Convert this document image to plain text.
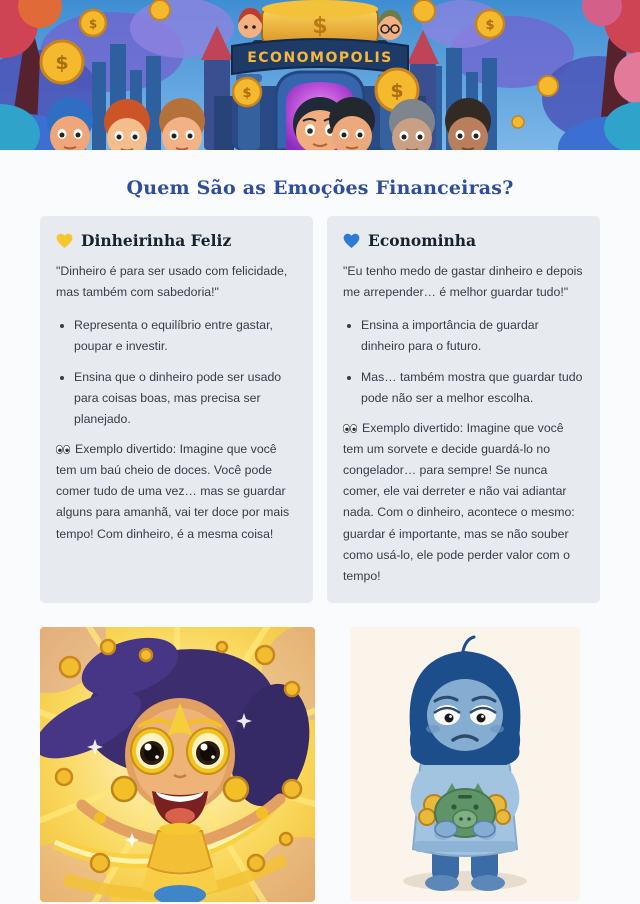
$
ECONOMOPOLIS
$
$
$	$
$
Quem São as Emoções Financeiras?
Dinheirinha Feliz

"Dinheiro é para ser usado com felicidade, mas também com sabedoria!"

• Representa o equilíbrio entre gastar, poupar e investir.
• Ensina que o dinheiro pode ser usado para coisas boas, mas precisa ser planejado.

Exemplo divertido: Imagine que você tem um baú cheio de doces. Você pode comer tudo de uma vez… mas se guardar alguns para amanhã, vai ter doce por mais tempo! Com dinheiro, é a mesma coisa!

Econominha

"Eu tenho medo de gastar dinheiro e depois me arrepender… é melhor guardar tudo!"

• Ensina a importância de guardar dinheiro para o futuro.
• Mas… também mostra que guardar tudo pode não ser a melhor escolha.

Exemplo divertido: Imagine que você tem um sorvete e decide guardá-lo no congelador… para sempre! Se nunca comer, ele vai derreter e não vai adiantar nada. Com o dinheiro, acontece o mesmo: guardar é importante, mas se não souber como usá-lo, ele pode perder valor com o tempo!
